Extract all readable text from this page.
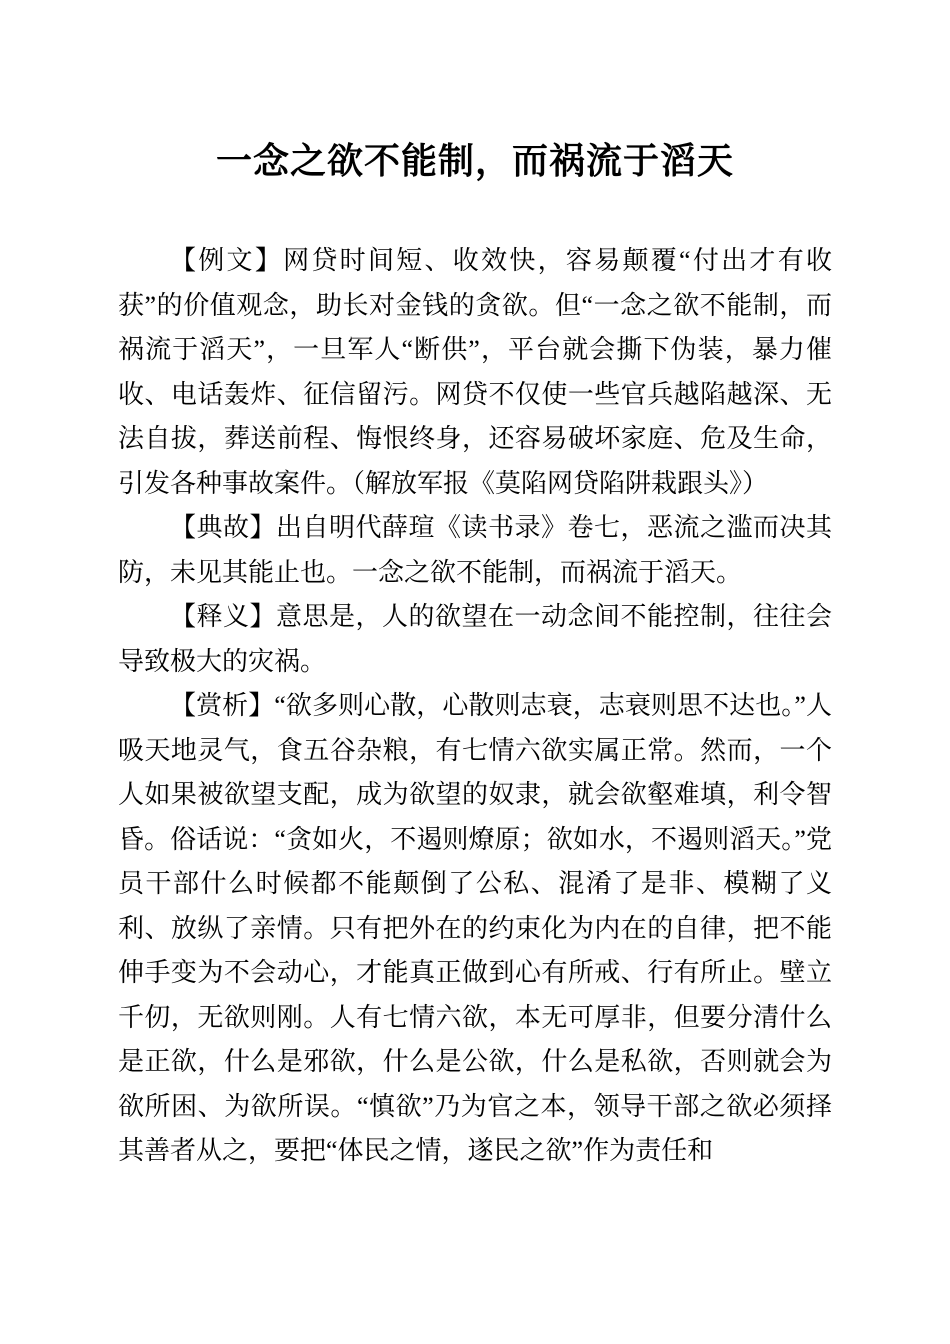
一念之欲不能制，而祸流于滔天

【例文】网贷时间短、收效快，容易颠覆“付出才有收获”的价值观念，助长对金钱的贪欲。但“一念之欲不能制，而祸流于滔天”，一旦军人“断供”，平台就会撕下伪装，暴力催收、电话轰炸、征信留污。网贷不仅使一些官兵越陷越深、无法自拔，葬送前程、悔恨终身，还容易破坏家庭、危及生命，引发各种事故案件。（解放军报《莫陷网贷陷阱栽跟头》）

【典故】出自明代薛瑄《读书录》卷七，恶流之滥而决其防，未见其能止也。一念之欲不能制，而祸流于滔天。

【释义】意思是，人的欲望在一动念间不能控制，往往会导致极大的灾祸。

【赏析】“欲多则心散，心散则志衰，志衰则思不达也。”人吸天地灵气，食五谷杂粮，有七情六欲实属正常。然而，一个人如果被欲望支配，成为欲望的奴隶，就会欲壑难填，利令智昏。俗话说：“贪如火，不遏则燎原；欲如水，不遏则滔天。”党员干部什么时候都不能颠倒了公私、混淆了是非、模糊了义利、放纵了亲情。只有把外在的约束化为内在的自律，把不能伸手变为不会动心，才能真正做到心有所戒、行有所止。壁立千仞，无欲则刚。人有七情六欲，本无可厚非，但要分清什么是正欲，什么是邪欲，什么是公欲，什么是私欲，否则就会为欲所困、为欲所误。“慎欲”乃为官之本，领导干部之欲必须择其善者从之，要把“体民之情，遂民之欲”作为责任和
